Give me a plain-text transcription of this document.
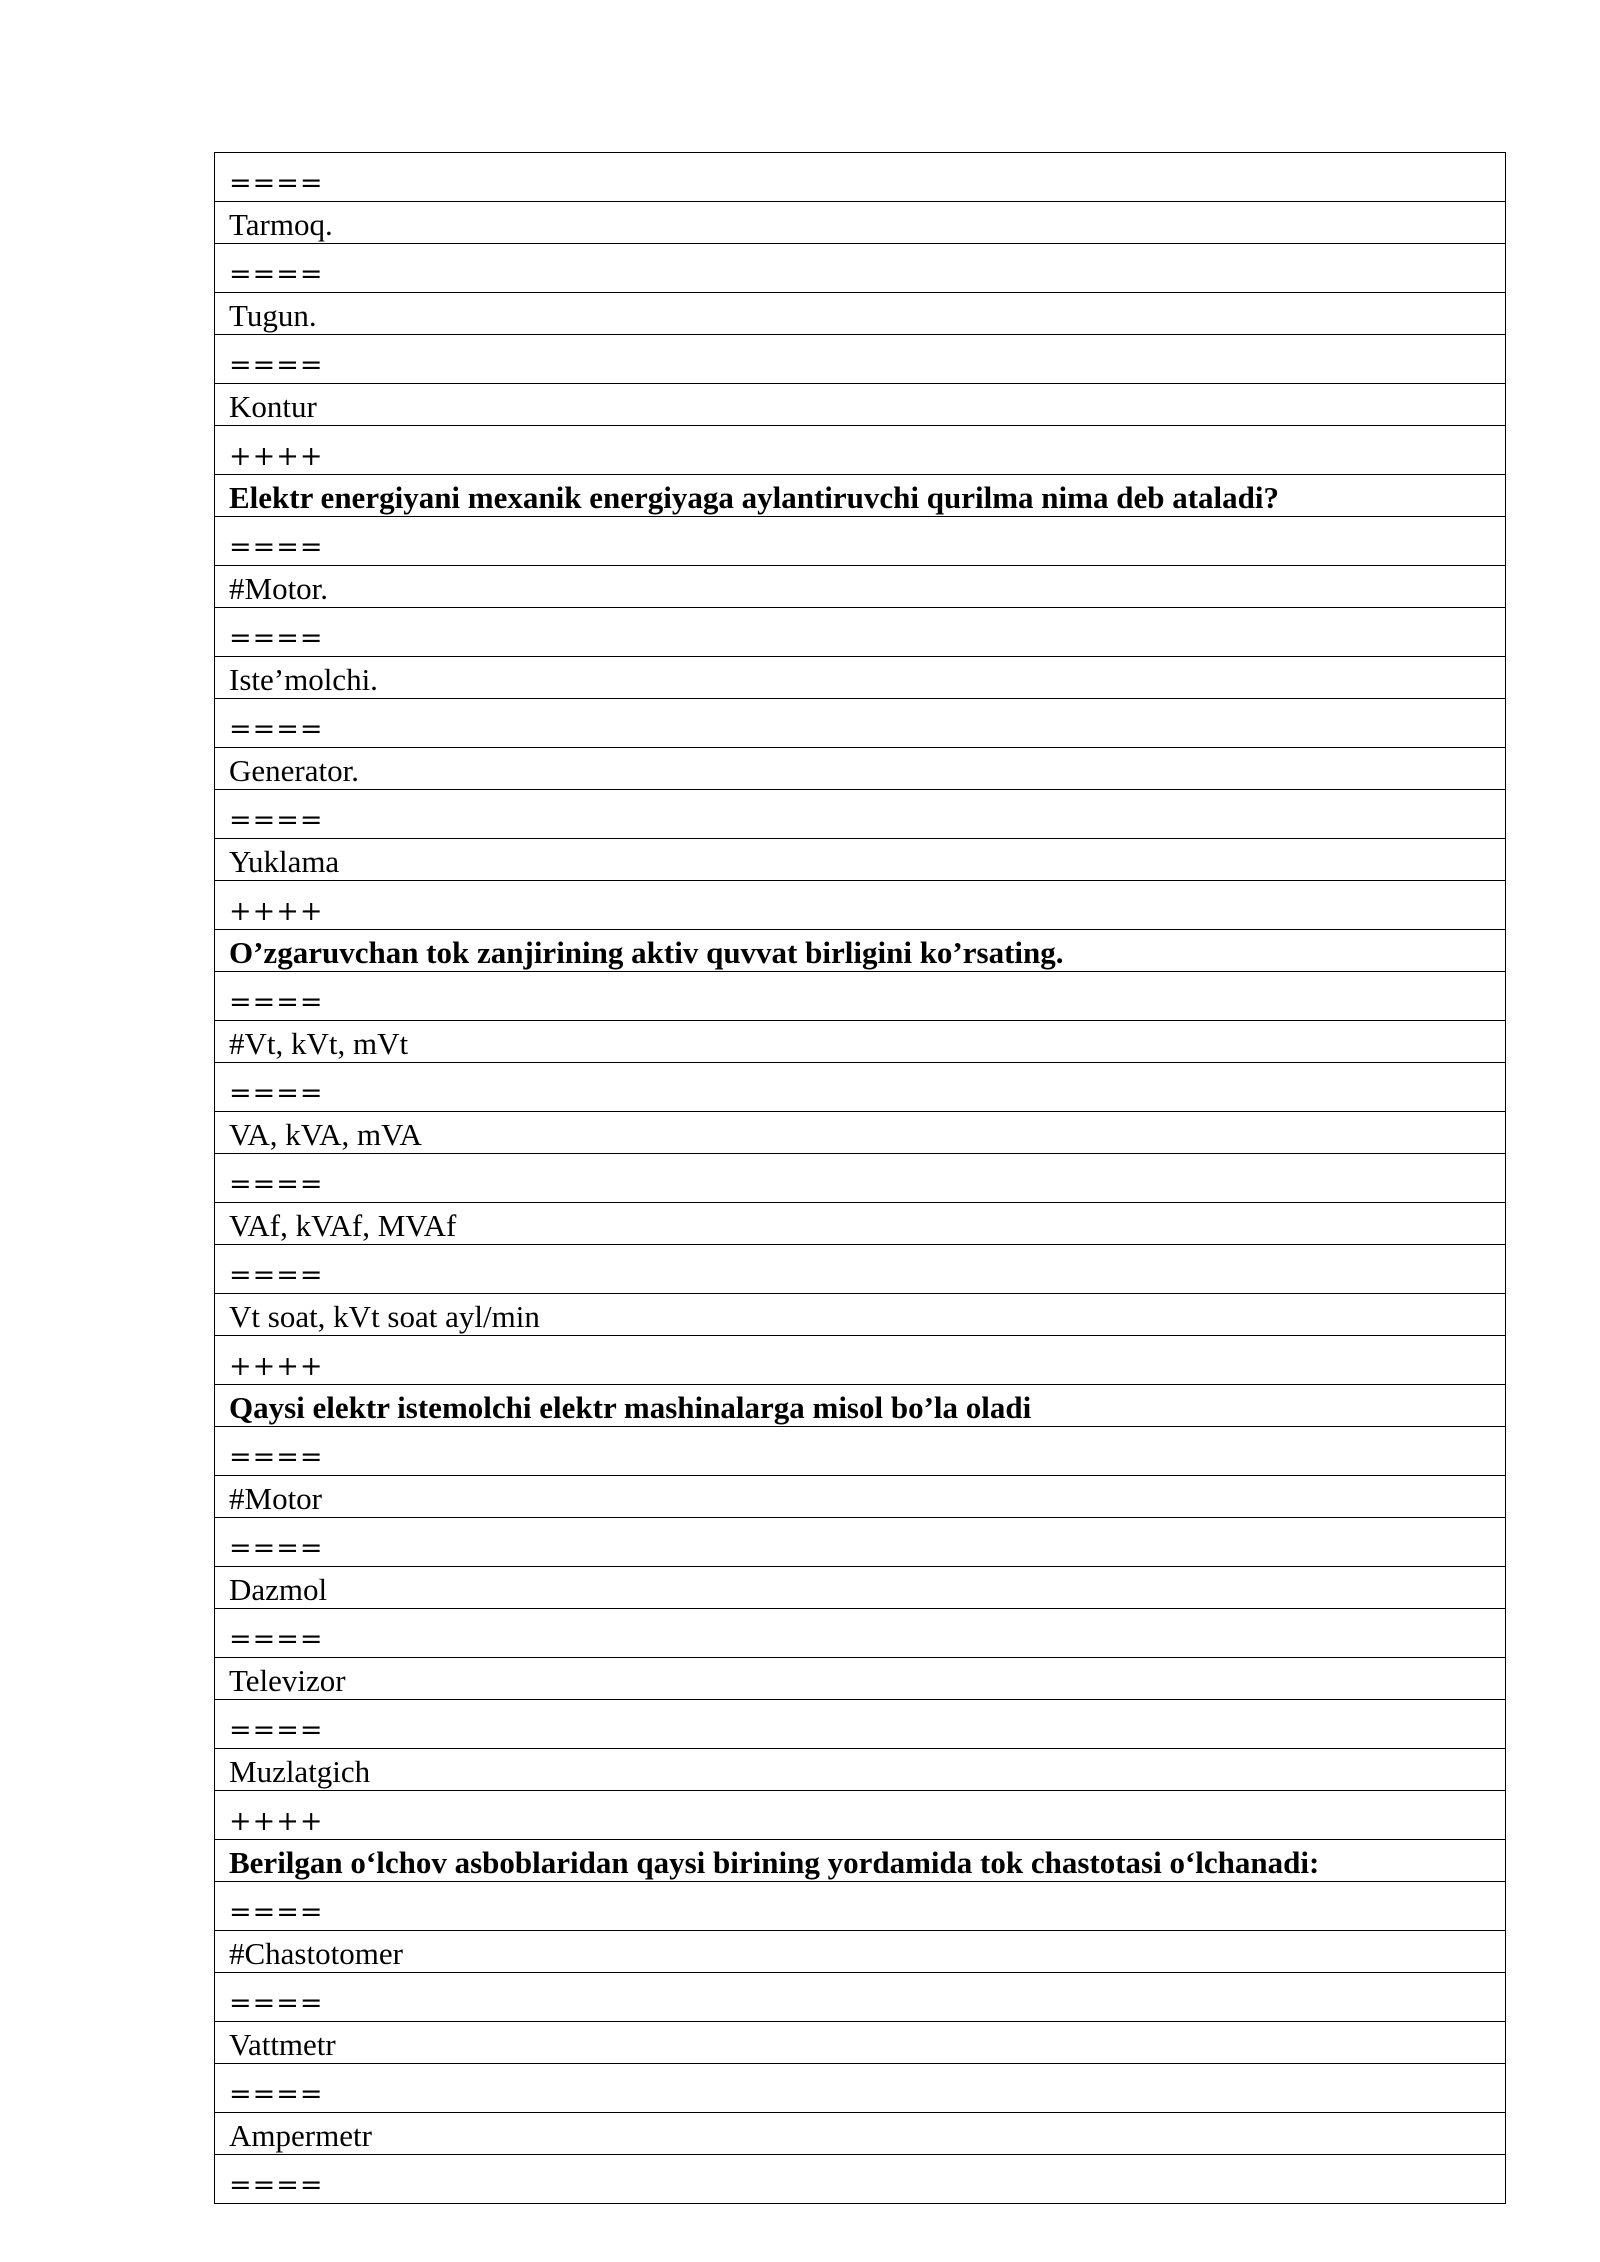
====
Tarmoq.
====
Tugun.
====
Kontur
++++
Elektr energiyani mexanik energiyaga aylantiruvchi qurilma nima deb ataladi?
====
#Motor.
====
Iste’molchi.
====
Generator.
====
Yuklama
++++
O’zgaruvchan tok zanjirining aktiv quvvat birligini ko’rsating.
====
#Vt, kVt, mVt
====
VA, kVA, mVA
====
VAf, kVAf, MVAf
====
Vt soat, kVt soat ayl/min
++++
Qaysi elektr istemolchi elektr mashinalarga misol bo’la oladi
====
#Motor
====
Dazmol
====
Televizor
====
Muzlatgich
++++
Berilgan o‘lchov asboblaridan qaysi birining yordamida tok chastotasi o‘lchanadi:
====
#Chastotomer
====
Vattmetr
====
Ampermetr
====
